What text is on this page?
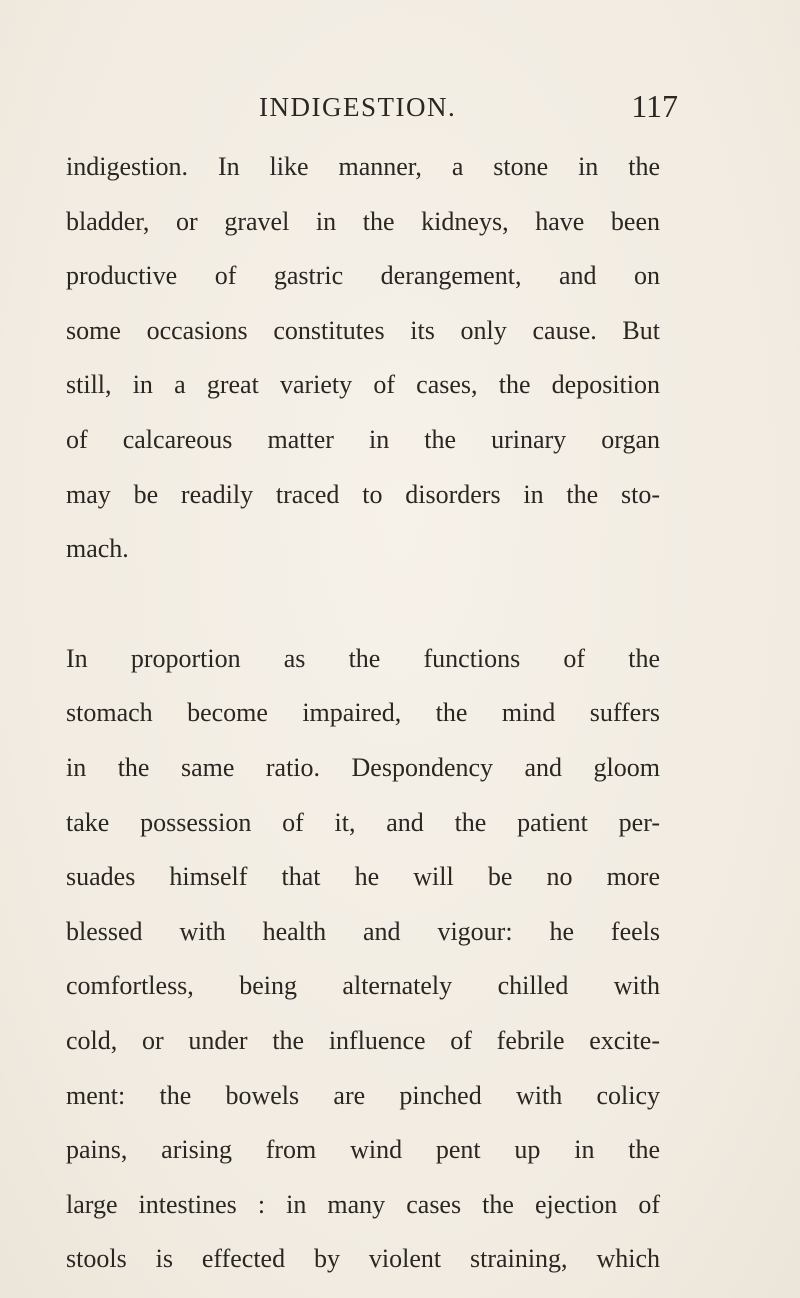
INDIGESTION.	117
indigestion. In like manner, a stone in the
bladder, or gravel in the kidneys, have been
productive of gastric derangement, and on
some occasions constitutes its only cause. But
still, in a great variety of cases, the deposition
of calcareous matter in the urinary organ
may be readily traced to disorders in the sto-
mach.
In proportion as the functions of the
stomach become impaired, the mind suffers
in the same ratio. Despondency and gloom
take possession of it, and the patient per-
suades himself that he will be no more
blessed with health and vigour: he feels
comfortless, being alternately chilled with
cold, or under the influence of febrile excite-
ment: the bowels are pinched with colicy
pains, arising from wind pent up in the
large intestines : in many cases the ejection of
stools is effected by violent straining, which
